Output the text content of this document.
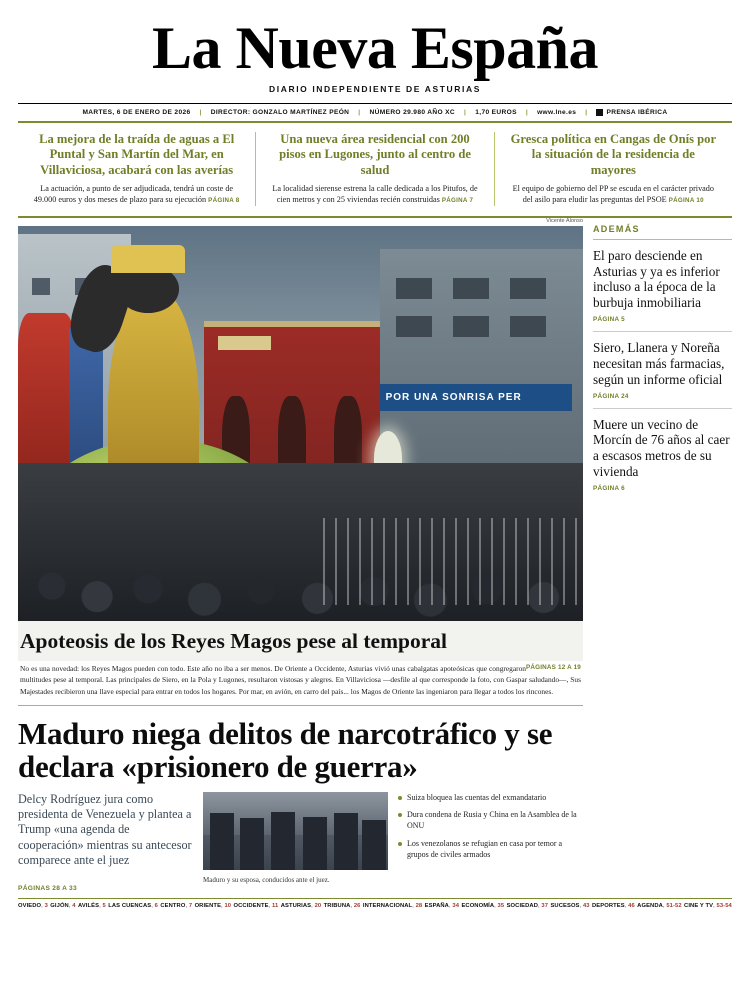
La Nueva España
DIARIO INDEPENDIENTE DE ASTURIAS
MARTES, 6 DE ENERO DE 2026 | DIRECTOR: GONZALO MARTÍNEZ PEÓN | NÚMERO 29.980 AÑO XC | 1,70 EUROS | www.lne.es |	PRENSA IBÉRICA
La mejora de la traída de aguas a El Puntal y San Martín del Mar, en Villaviciosa, acabará con las averías
La actuación, a punto de ser adjudicada, tendrá un coste de 49.000 euros y dos meses de plazo para su ejecución PÁGINA 8
Una nueva área residencial con 200 pisos en Lugones, junto al centro de salud
La localidad sierense estrena la calle dedicada a los Pitufos, de cien metros y con 25 viviendas recién construidas PÁGINA 7
Gresca política en Cangas de Onís por la situación de la residencia de mayores
El equipo de gobierno del PP se escuda en el carácter privado del asilo para eludir las preguntas del PSOE PÁGINA 10
Vicente Alonso
POR UNA SONRISA PER
Apoteosis de los Reyes Magos pese al temporal
PÁGINAS 12 A 19
No es una novedad: los Reyes Magos pueden con todo. Este año no iba a ser menos. De Oriente a Occidente, Asturias vivió unas cabalgatas apoteósicas que congregaron multitudes pese al temporal. Las principales de Siero, en la Pola y Lugones, resultaron vistosas y alegres. En Villaviciosa —desfile al que corresponde la foto, con Gaspar saludando—, Sus Majestades recibieron una llave especial para entrar en todos los hogares. Por mar, en avión, en carro del país... los Magos de Oriente las ingeniaron para llegar a todos los rincones.
Maduro niega delitos de narcotráfico y se declara «prisionero de guerra»
Delcy Rodríguez jura como presidenta de Venezuela y plantea a Trump «una agenda de cooperación» mientras su antecesor comparece ante el juez
PÁGINAS 28 A 33
Maduro y su esposa, conducidos ante el juez.
Suiza bloquea las cuentas del exmandatario
Dura condena de Rusia y China en la Asamblea de la ONU
Los venezolanos se refugian en casa por temor a grupos de civiles armados
ADEMÁS
El paro desciende en Asturias y ya es inferior incluso a la época de la burbuja inmobiliaria
PÁGINA 5
Siero, Llanera y Noreña necesitan más farmacias, según un informe oficial
PÁGINA 24
Muere un vecino de Morcín de 76 años al caer a escasos metros de su vivienda
PÁGINA 6
OVIEDO, 3 GIJÓN, 4 AVILÉS, 5 LAS CUENCAS, 6 CENTRO, 7 ORIENTE, 10 OCCIDENTE, 11 ASTURIAS, 20 TRIBUNA, 26 INTERNACIONAL, 28 ESPAÑA, 34 ECONOMÍA, 35 SOCIEDAD, 37 SUCESOS, 43 DEPORTES, 46 AGENDA, 51-52 CINE Y TV, 53-54
